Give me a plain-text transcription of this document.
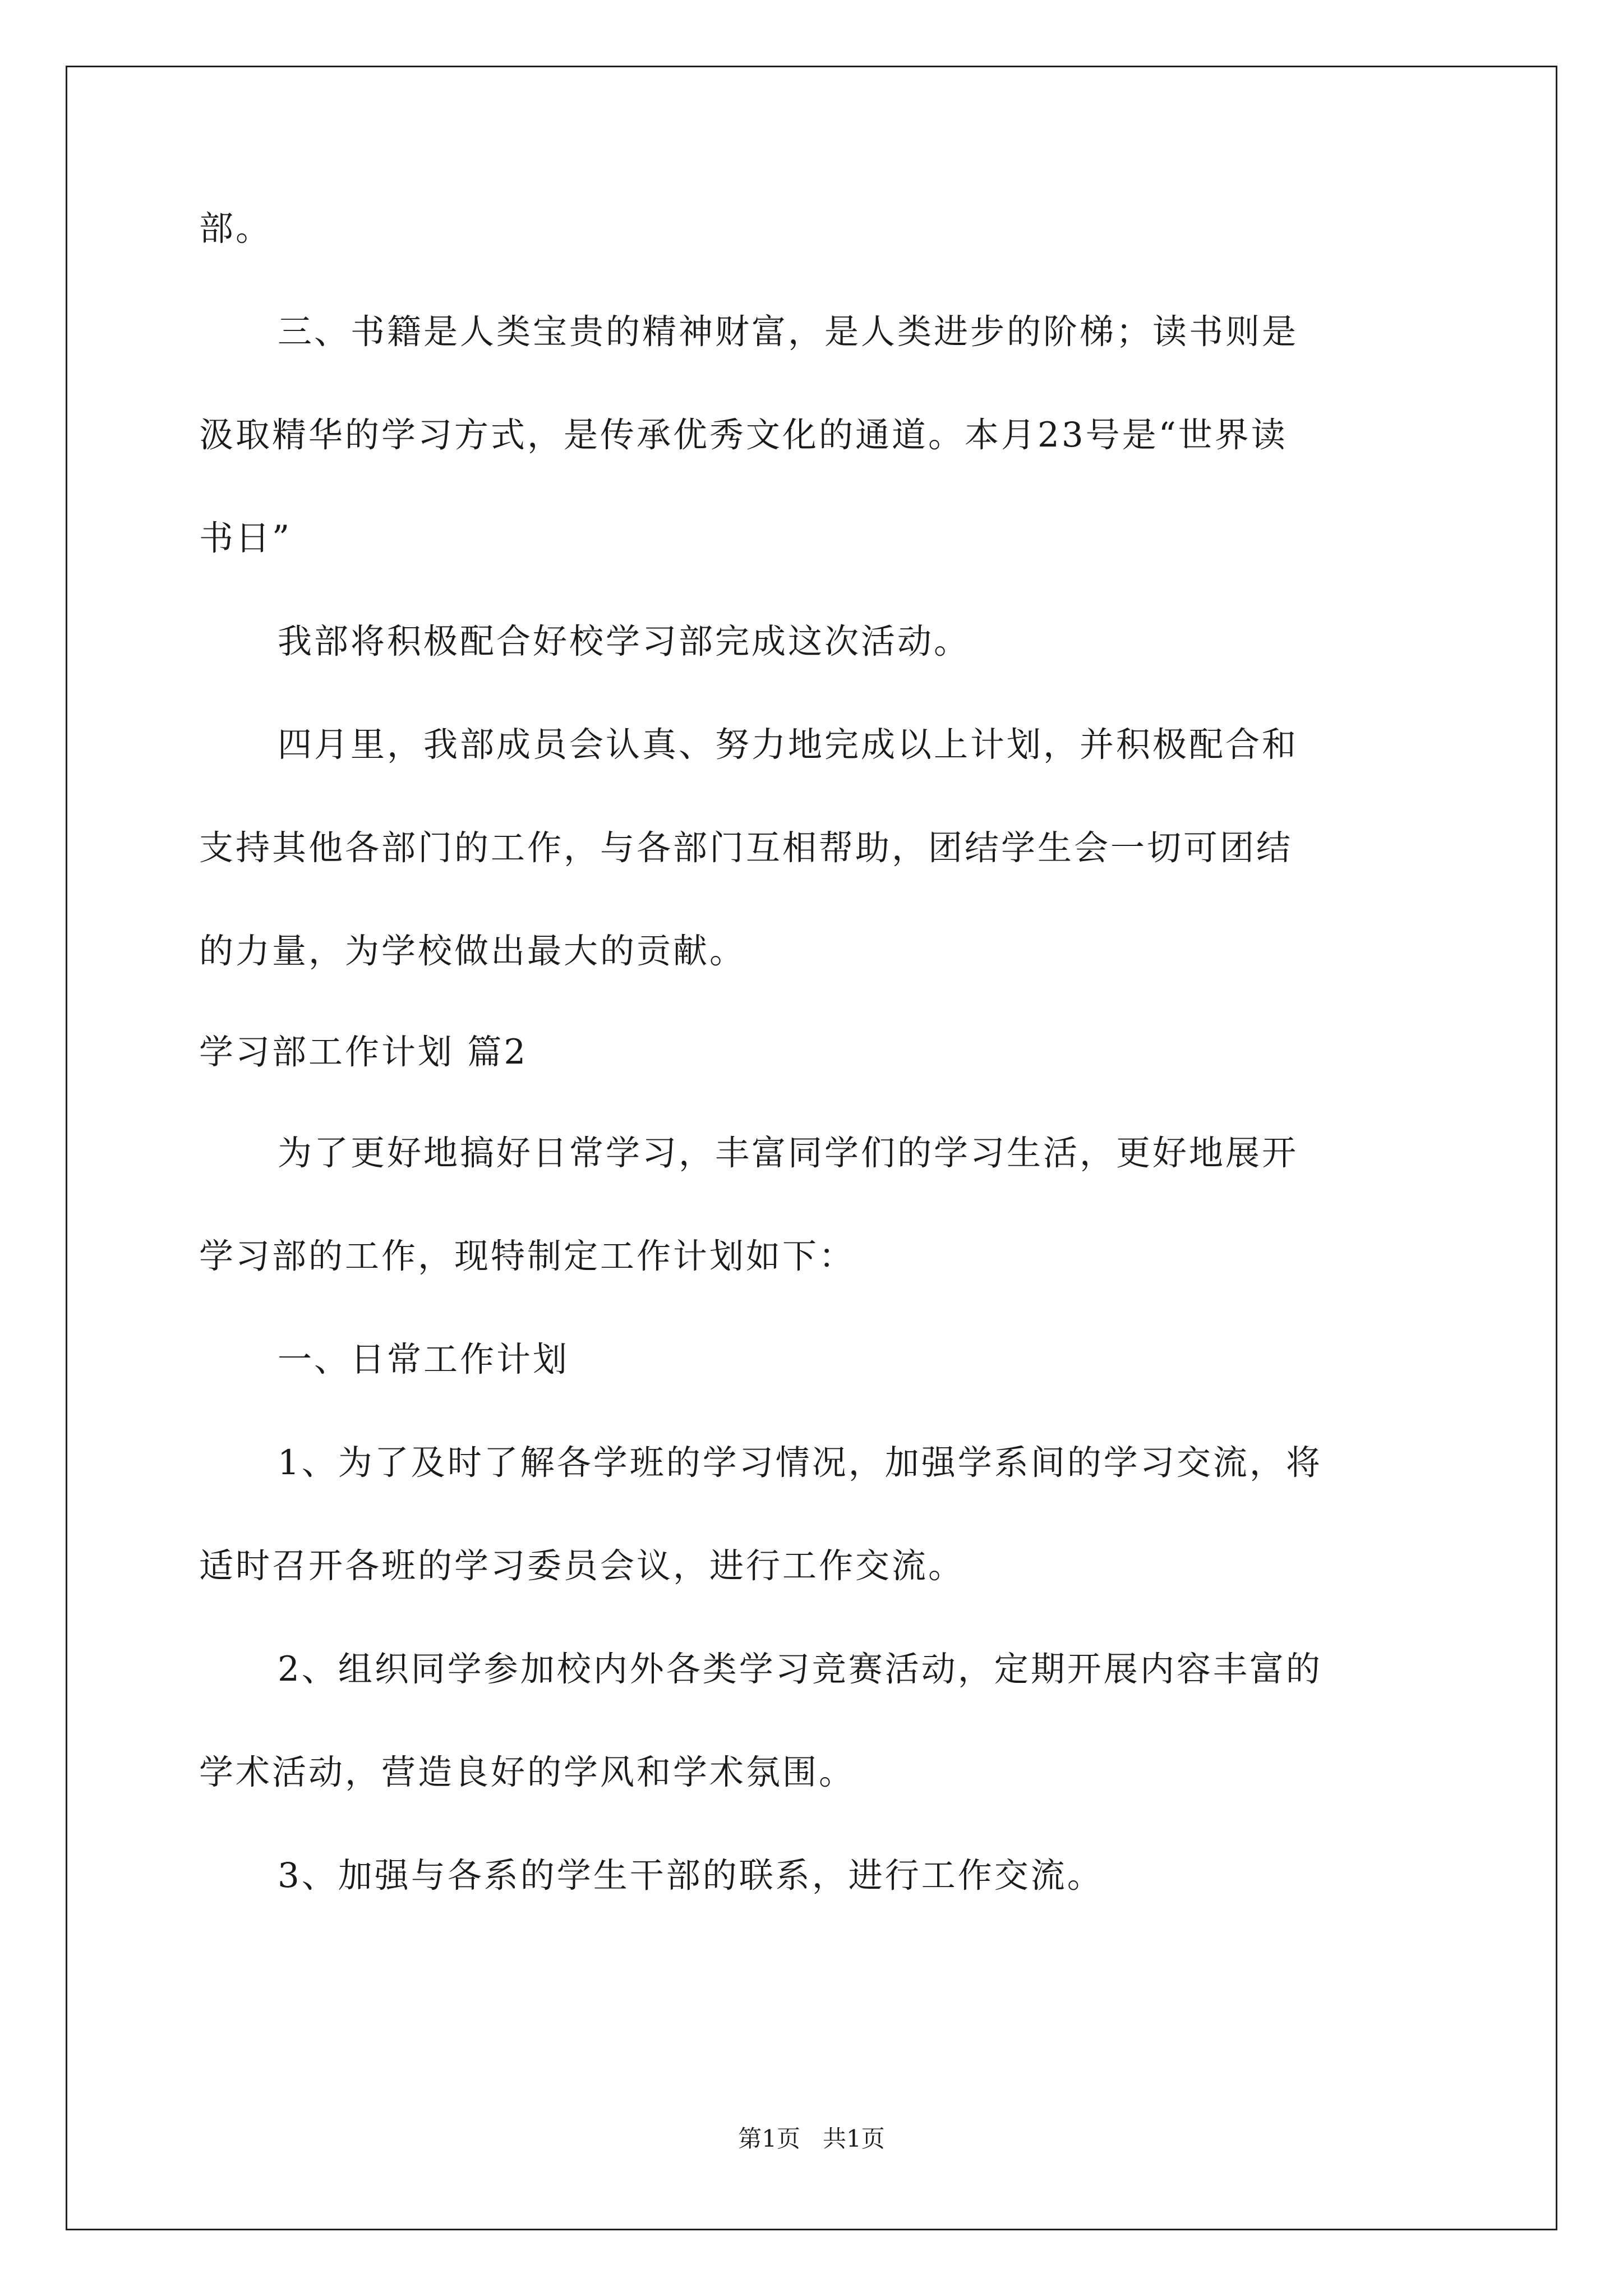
部。
三、书籍是人类宝贵的精神财富，是人类进步的阶梯；读书则是
汲取精华的学习方式，是传承优秀文化的通道。本月23号是“世界读
书日”
我部将积极配合好校学习部完成这次活动。
四月里，我部成员会认真、努力地完成以上计划，并积极配合和
支持其他各部门的工作，与各部门互相帮助，团结学生会一切可团结
的力量，为学校做出最大的贡献。
学习部工作计划 篇2
为了更好地搞好日常学习，丰富同学们的学习生活，更好地展开
学习部的工作，现特制定工作计划如下：
一、日常工作计划
1、为了及时了解各学班的学习情况，加强学系间的学习交流，将
适时召开各班的学习委员会议，进行工作交流。
2、组织同学参加校内外各类学习竞赛活动，定期开展内容丰富的
学术活动，营造良好的学风和学术氛围。
3、加强与各系的学生干部的联系，进行工作交流。
第1页 共1页
